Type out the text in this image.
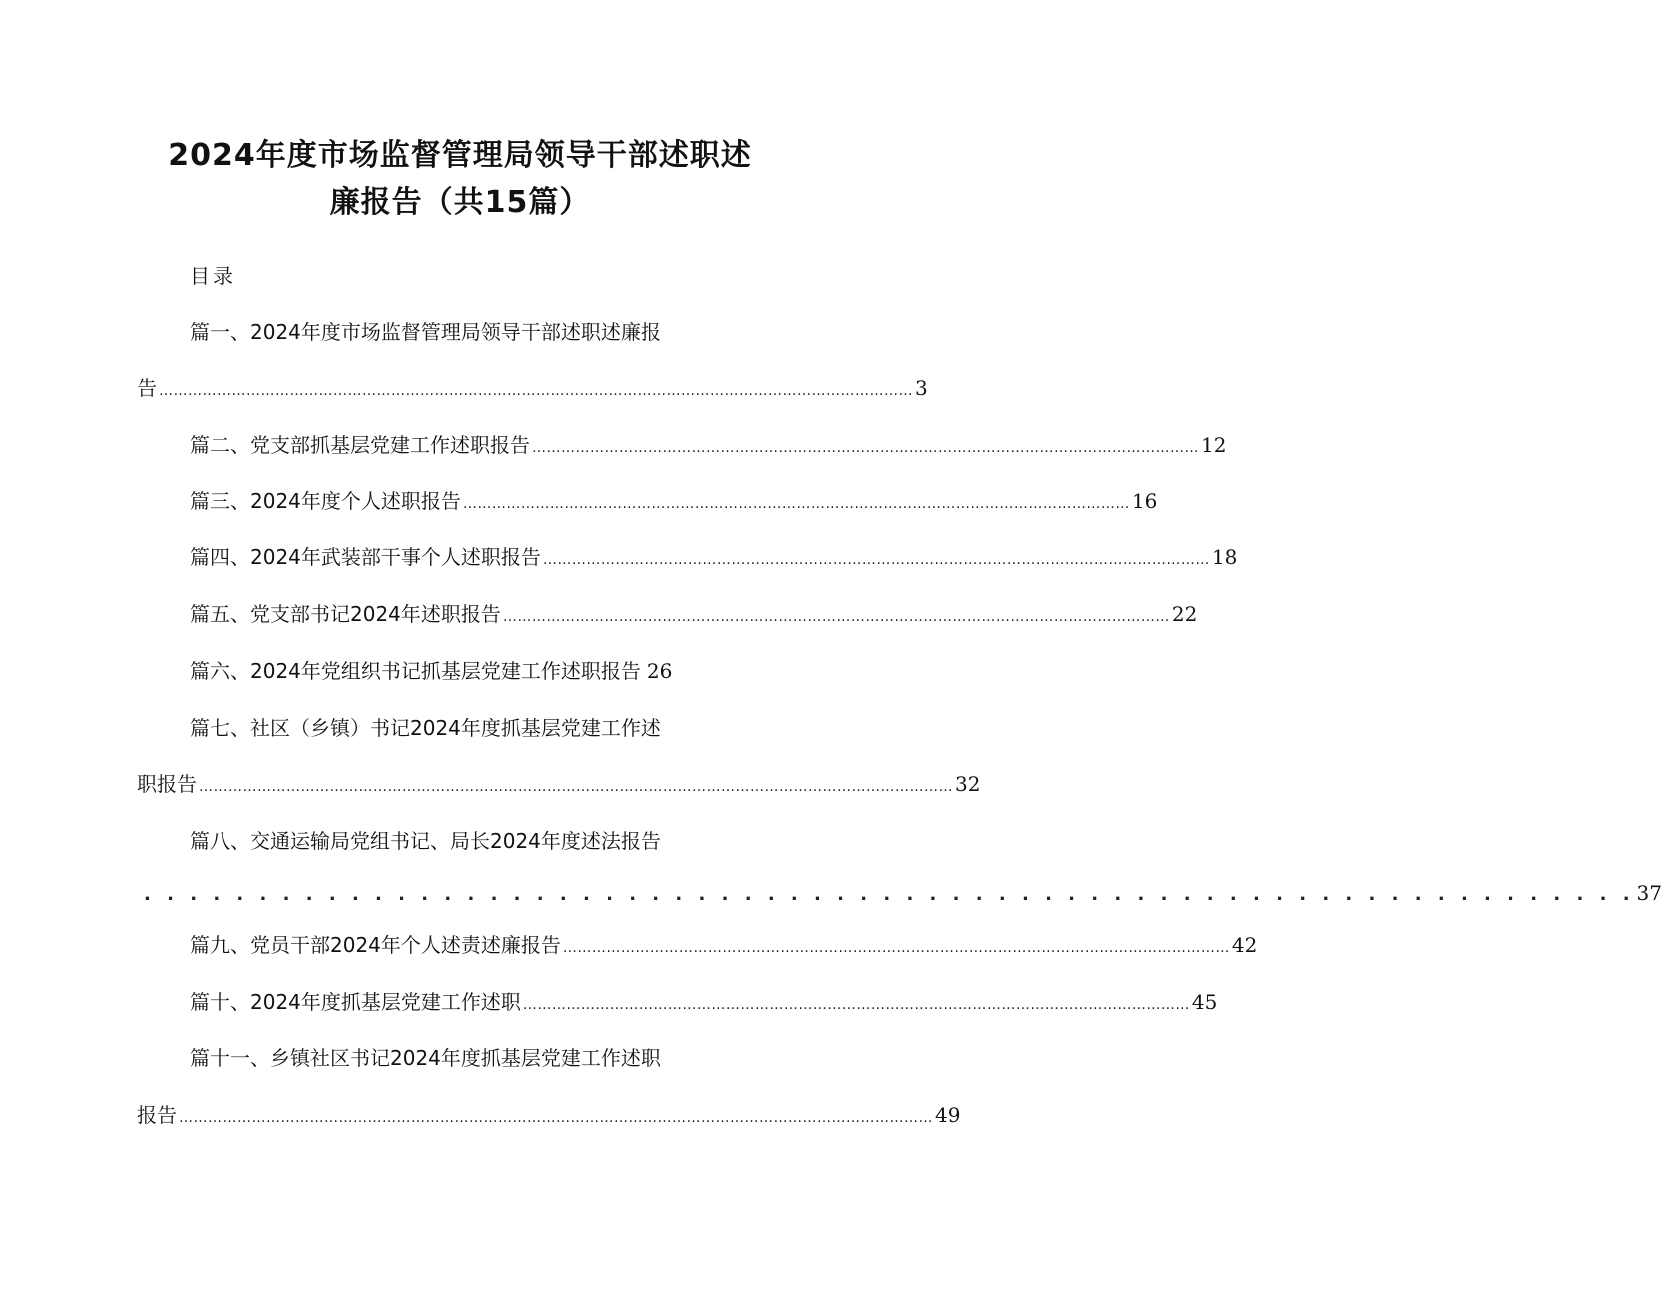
2024年度市场监督管理局领导干部述职述
廉报告（共15篇）
目录
篇一、2024年度市场监督管理局领导干部述职述廉报
告 ………………………………………………………………………………………………………………………………………… 3
篇二、党支部抓基层党建工作述职报告 ………………………………………………………………………………………………………………………… 12
篇三、2024年度个人述职报告 ………………………………………………………………………………………………………………………… 16
篇四、2024年武装部干事个人述职报告 ………………………………………………………………………………………………………………………… 18
篇五、党支部书记2024年述职报告 ………………………………………………………………………………………………………………………… 22
篇六、2024年党组织书记抓基层党建工作述职报告 26
篇七、社区（乡镇）书记2024年度抓基层党建工作述
职报告 ………………………………………………………………………………………………………………………………………… 32
篇八、交通运输局党组书记、局长2024年度述法报告
. . . . . . . . . . . . . . . . . . . . . . . . . . . . . . . . . . . . . . . . . . . . . . . . . . . . . . . . . . . . . . . . . 37
篇九、党员干部2024年个人述责述廉报告 ………………………………………………………………………………………………………………………… 42
篇十、2024年度抓基层党建工作述职 ………………………………………………………………………………………………………………………… 45
篇十一、乡镇社区书记2024年度抓基层党建工作述职
报告 ………………………………………………………………………………………………………………………………………… 49
